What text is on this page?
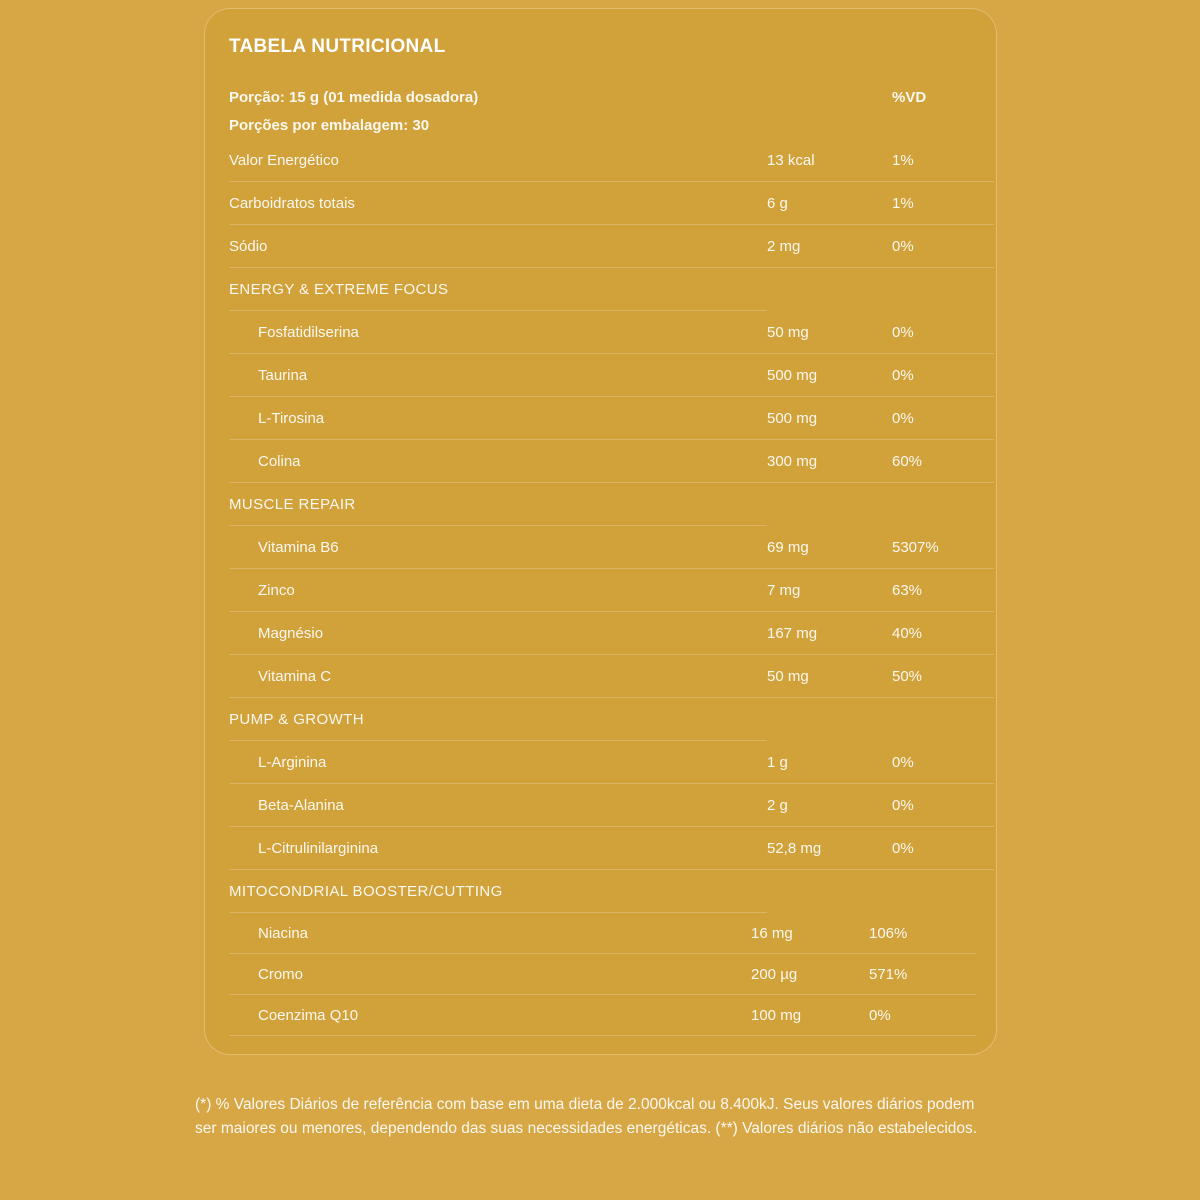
TABELA NUTRICIONAL
Porção: 15 g (01 medida dosadora)	%VD
Porções por embalagem: 30
Valor Energético	13 kcal	1%
Carboidratos totais	6 g	1%
Sódio	2 mg	0%
ENERGY & EXTREME FOCUS
Fosfatidilserina	50 mg	0%
Taurina	500 mg	0%
L-Tirosina	500 mg	0%
Colina	300 mg	60%
MUSCLE REPAIR
Vitamina B6	69 mg	5307%
Zinco	7 mg	63%
Magnésio	167 mg	40%
Vitamina C	50 mg	50%
PUMP & GROWTH
L-Arginina	1 g	0%
Beta-Alanina	2 g	0%
L-Citrulinilarginina	52,8 mg	0%
MITOCONDRIAL BOOSTER/CUTTING
Niacina	16 mg	106%
Cromo	200 µg	571%
Coenzima Q10	100 mg	0%
(*) % Valores Diários de referência com base em uma dieta de 2.000kcal ou 8.400kJ. Seus valores diários podem ser maiores ou menores, dependendo das suas necessidades energéticas. (**) Valores diários não estabelecidos.
